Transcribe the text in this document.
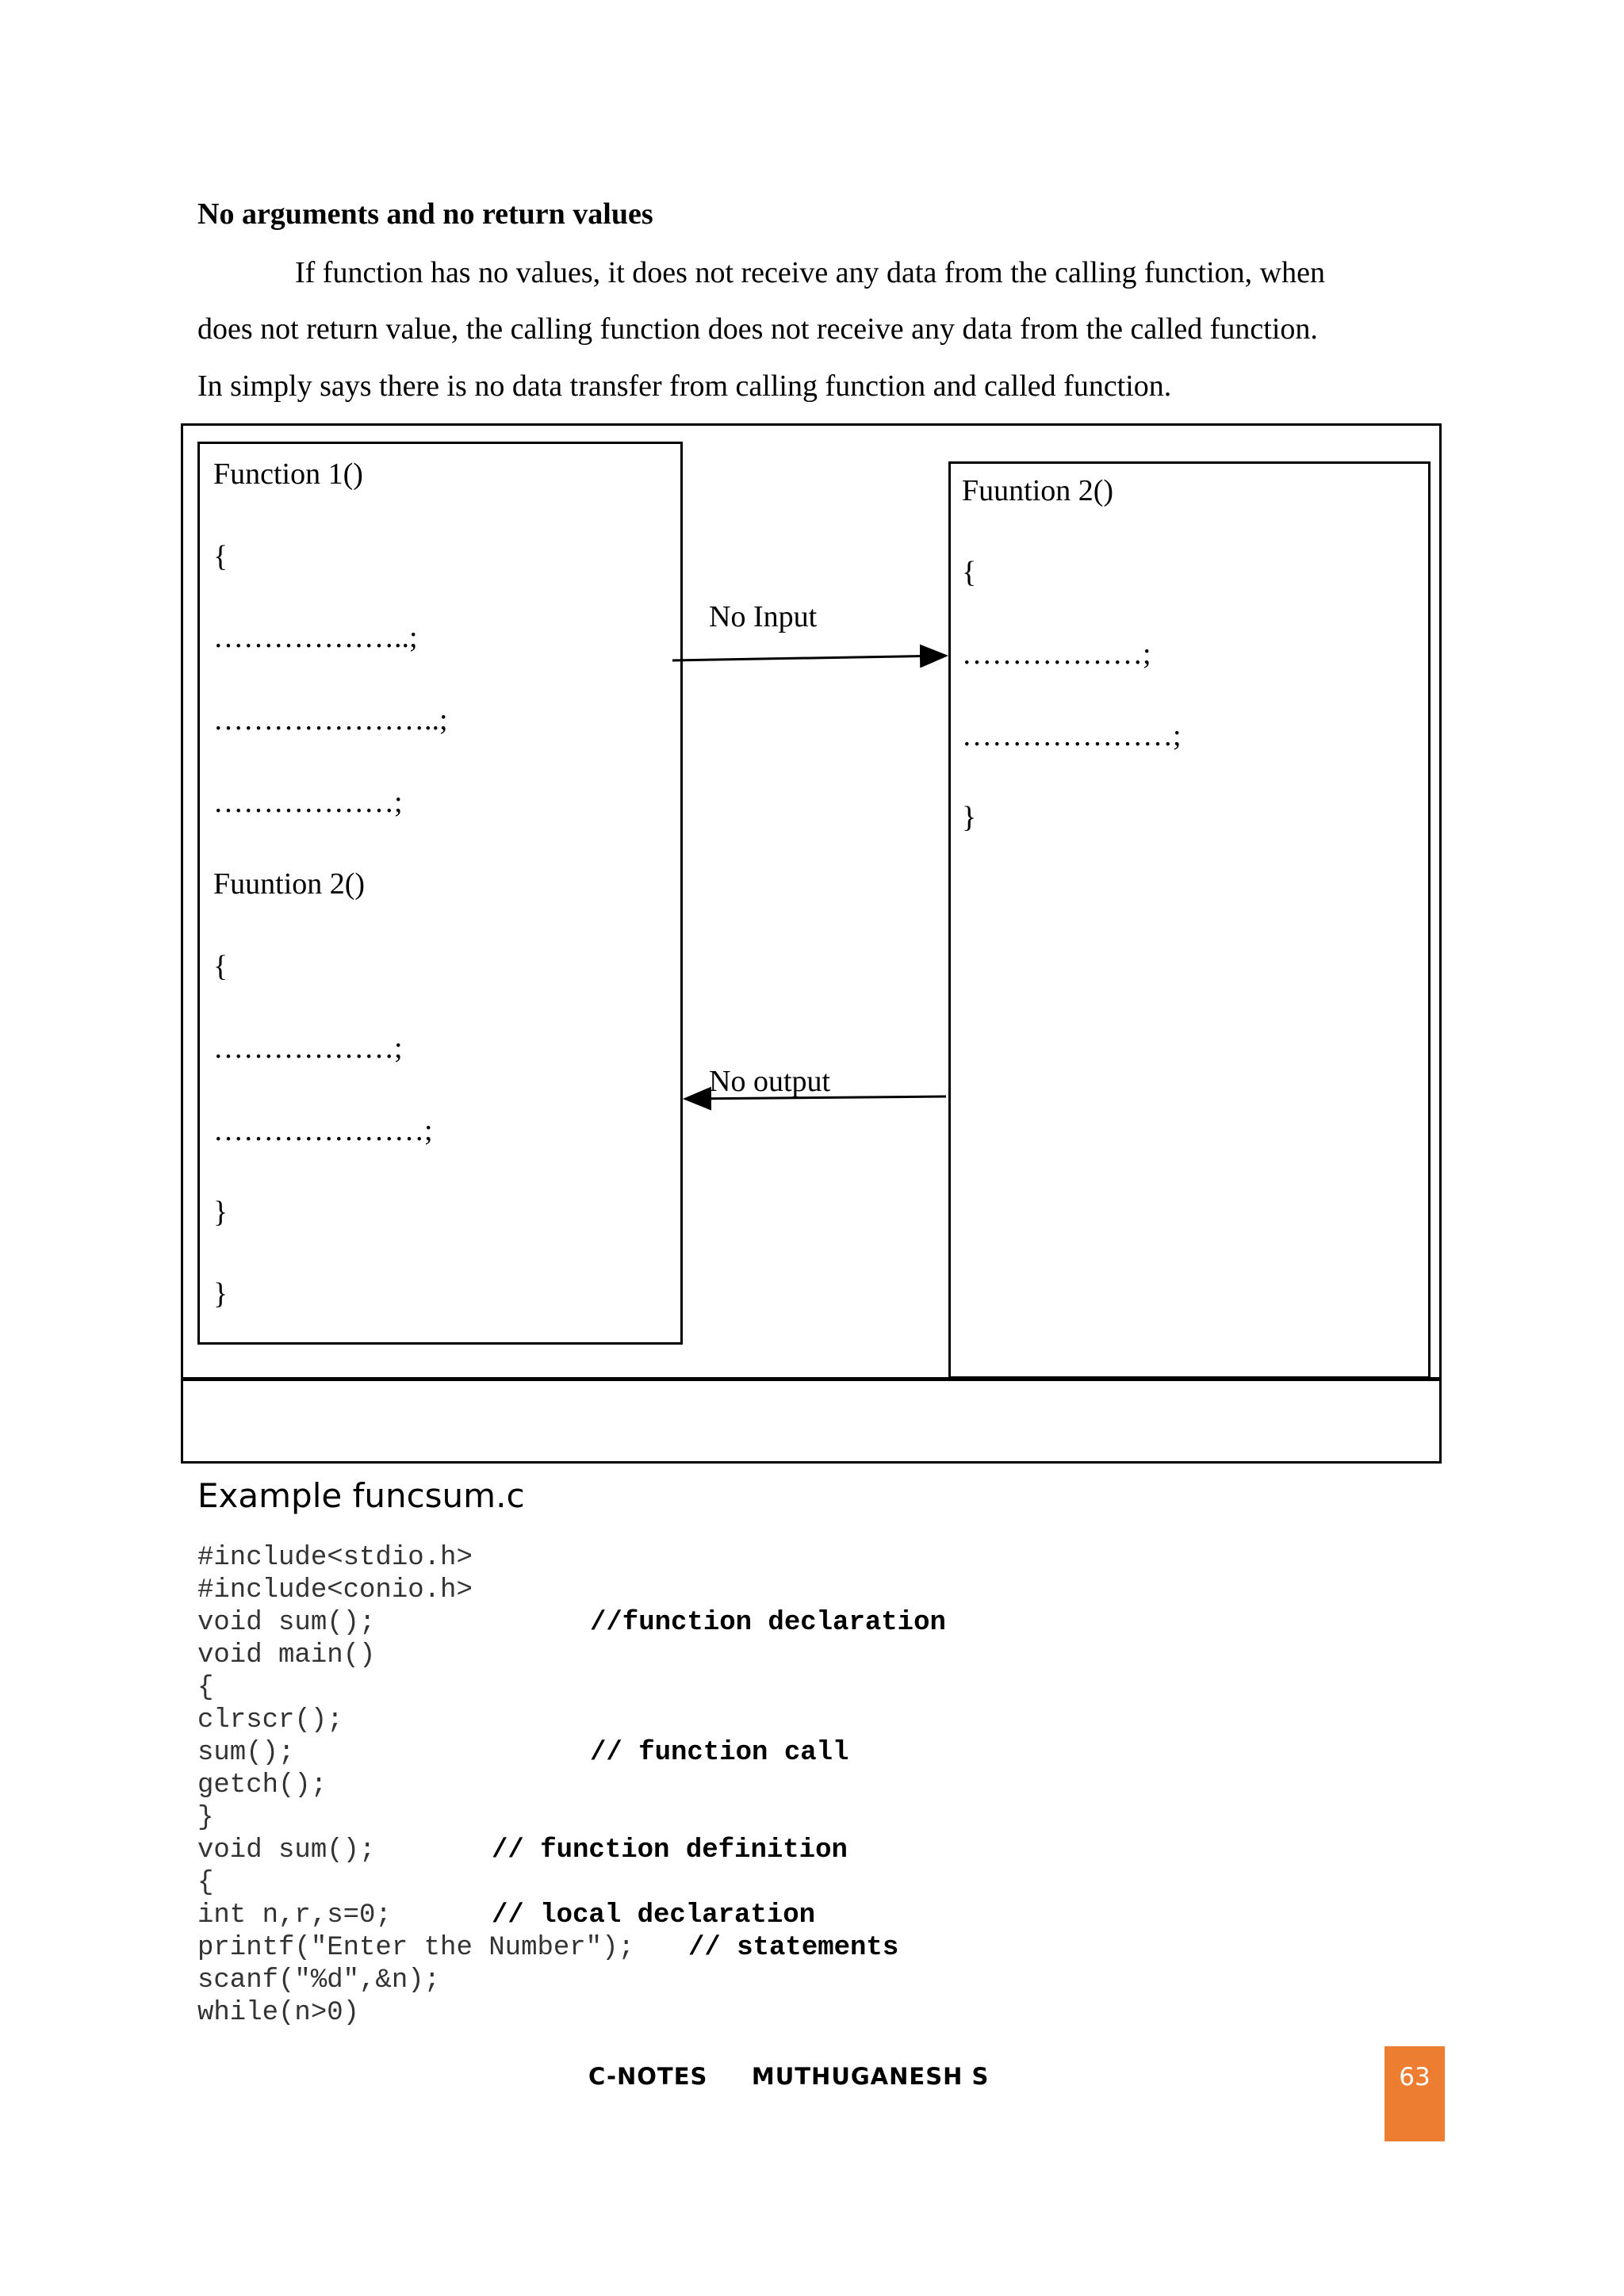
No arguments and no return values
If function has no values, it does not receive any data from the calling function, when
does not return value, the calling function does not receive any data from the called function.
In simply says there is no data transfer from calling function and called function.
Function 1()
{
………………..;
…………………..;
………………;
Fuuntion 2()
{
………………;
…………………;
}
}
Fuuntion 2()
{
………………;
…………………;
}
No Input
No output
Example funcsum.c
#include<stdio.h>
#include<conio.h>
void sum();	//function declaration
void main()
{
clrscr();
sum();	// function call
getch();
}
void sum();	// function definition
{
int n,r,s=0;	// local declaration
printf("Enter the Number"); // statements
scanf("%d",&n);
while(n>0)
C-NOTES     MUTHUGANESH S	63
